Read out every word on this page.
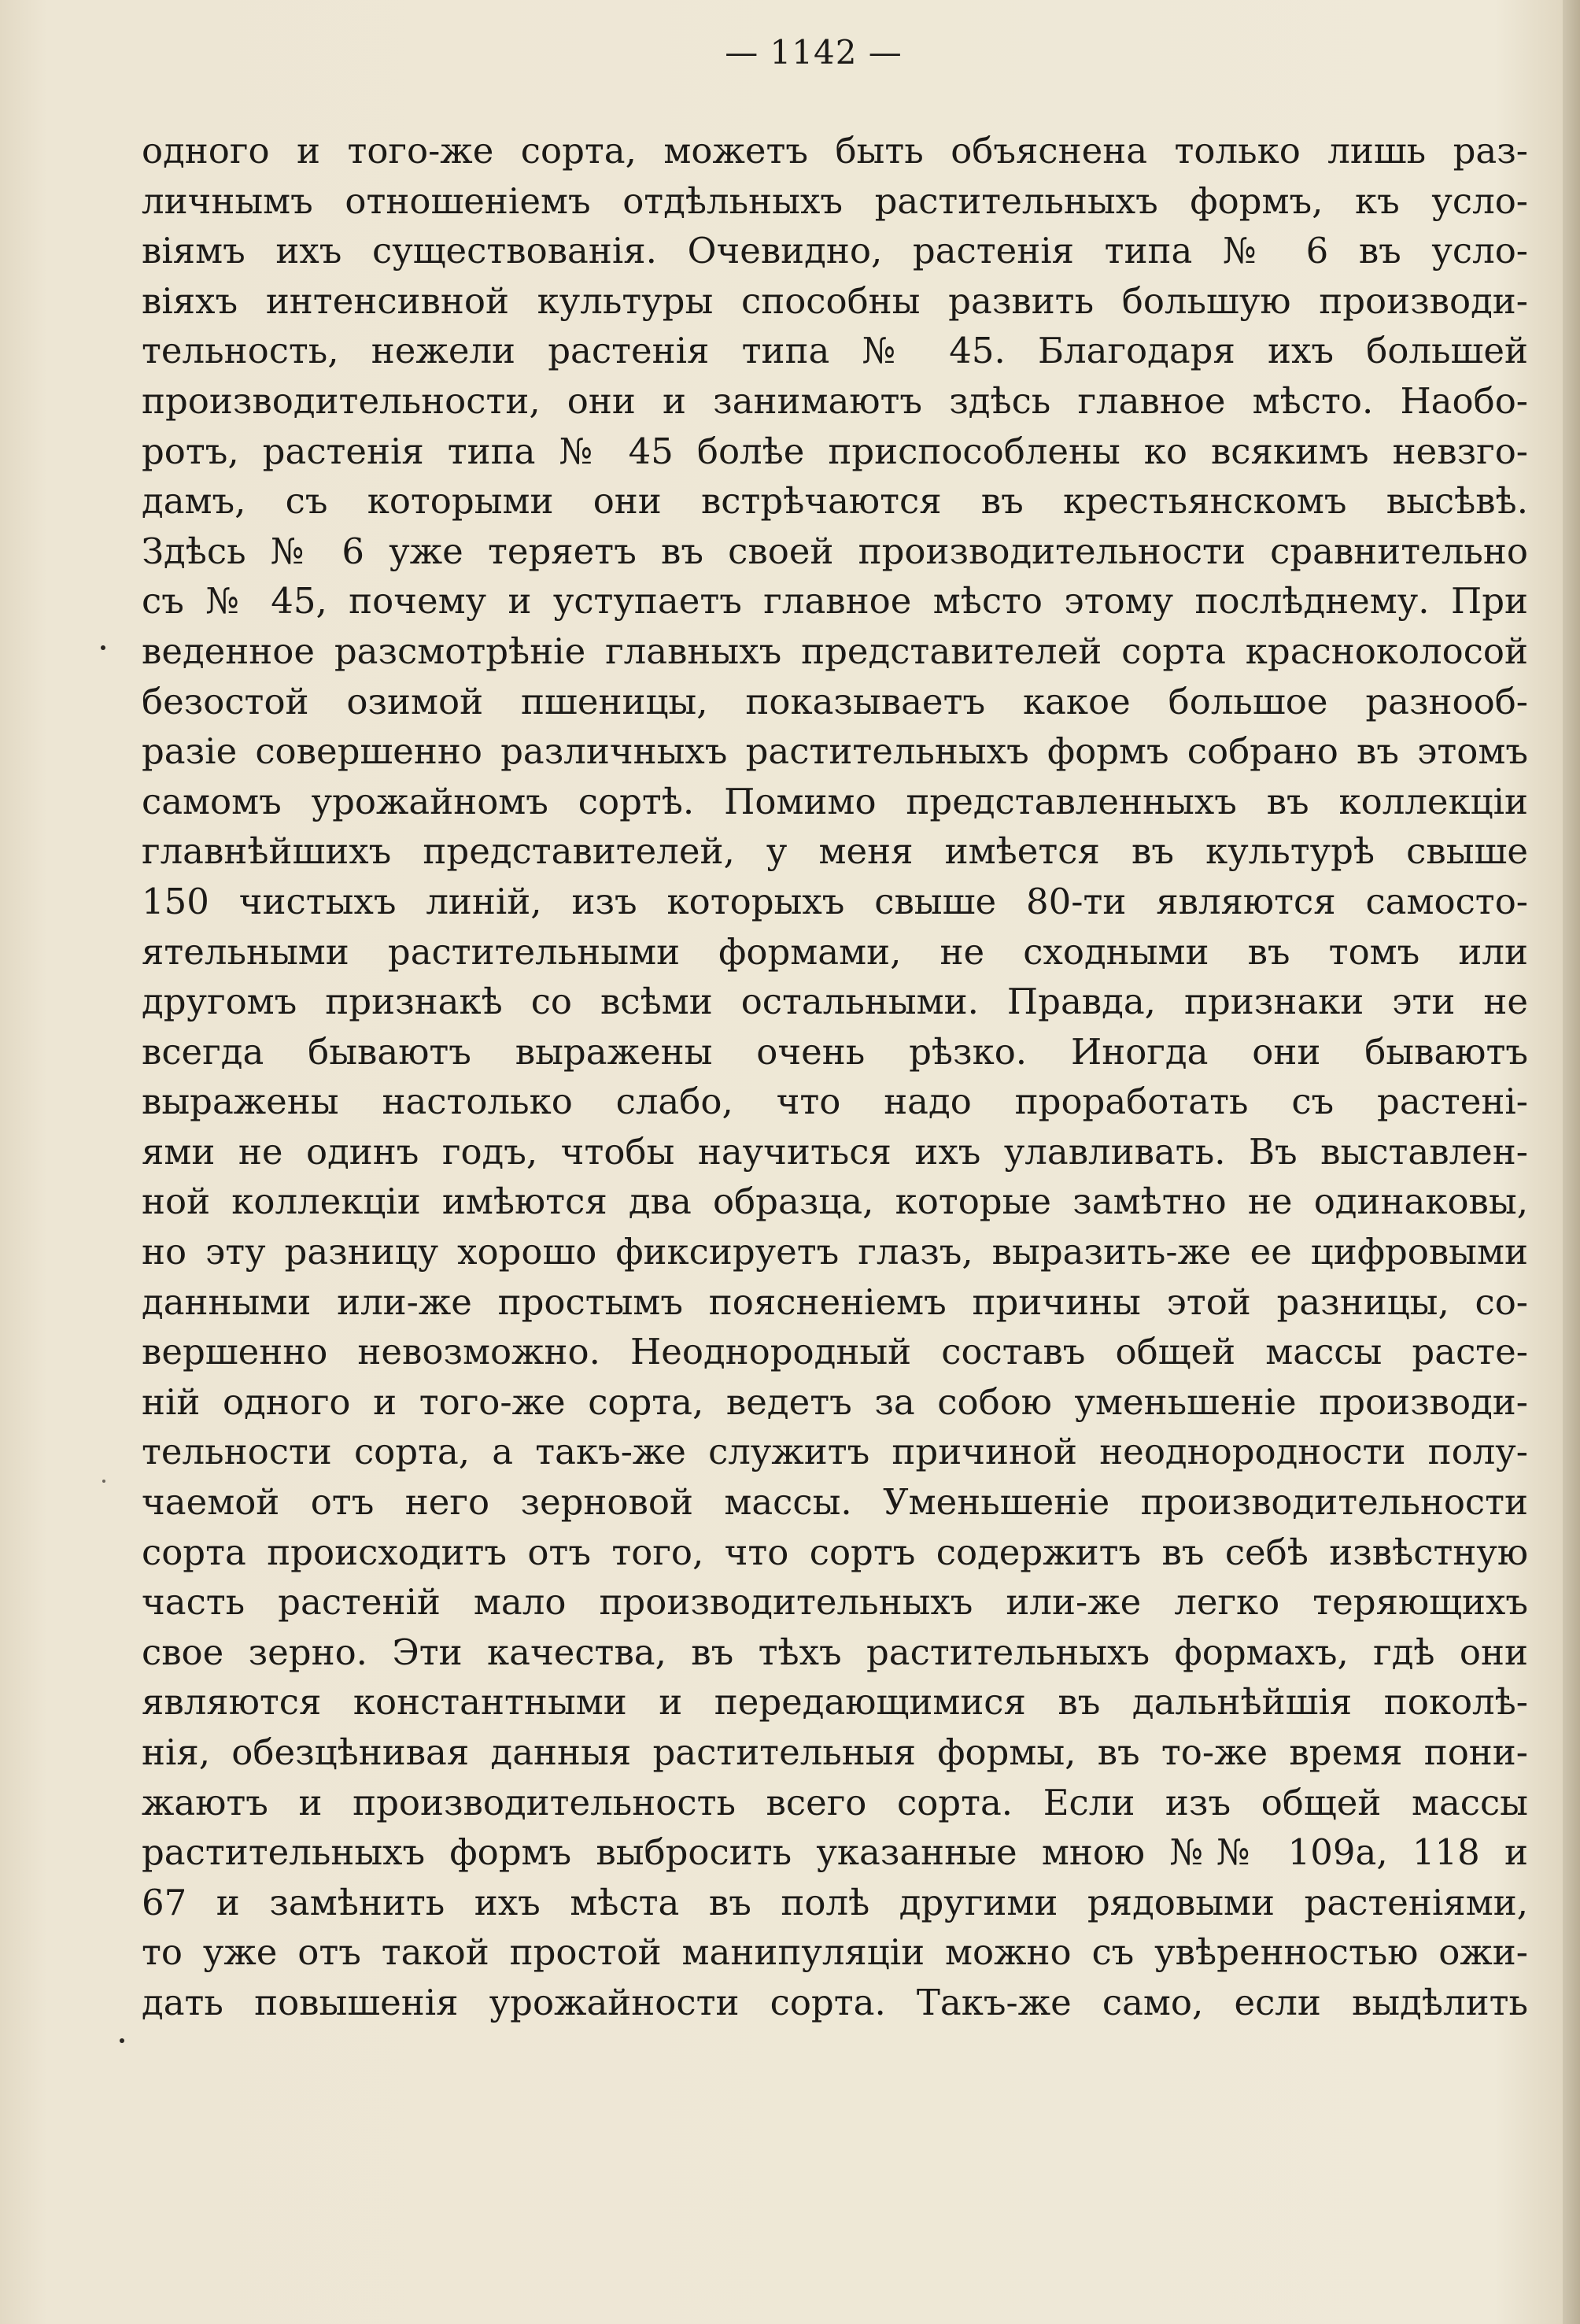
— 1142 —
одного и того-же сорта, можетъ быть объяснена только лишь раз-
личнымъ отношеніемъ отдѣльныхъ растительныхъ формъ, къ усло-
віямъ ихъ существованія. Очевидно, растенія типа № 6 въ усло-
віяхъ интенсивной культуры способны развить большую производи-
тельность, нежели растенія типа № 45. Благодаря ихъ большей
производительности, они и занимаютъ здѣсь главное мѣсто. Наобо-
ротъ, растенія типа № 45 болѣе приспособлены ко всякимъ невзго-
дамъ, съ которыми они встрѣчаются въ крестьянскомъ высѣвѣ.
Здѣсь № 6 уже теряетъ въ своей производительности сравнительно
съ № 45, почему и уступаетъ главное мѣсто этому послѣднему. При
веденное разсмотрѣніе главныхъ представителей сорта красноколосой
безостой озимой пшеницы, показываетъ какое большое разнооб-
разіе совершенно различныхъ растительныхъ формъ собрано въ этомъ
самомъ урожайномъ сортѣ. Помимо представленныхъ въ коллекціи
главнѣйшихъ представителей, у меня имѣется въ культурѣ свыше
150 чистыхъ линій, изъ которыхъ свыше 80-ти являются самосто-
ятельными растительными формами, не сходными въ томъ или
другомъ признакѣ со всѣми остальными. Правда, признаки эти не
всегда бываютъ выражены очень рѣзко. Иногда они бываютъ
выражены настолько слабо, что надо проработать съ растені-
ями не одинъ годъ, чтобы научиться ихъ улавливать. Въ выставлен-
ной коллекціи имѣются два образца, которые замѣтно не одинаковы,
но эту разницу хорошо фиксируетъ глазъ, выразить-же ее цифровыми
данными или-же простымъ поясненіемъ причины этой разницы, со-
вершенно невозможно. Неоднородный составъ общей массы расте-
ній одного и того-же сорта, ведетъ за собою уменьшеніе производи-
тельности сорта, а такъ-же служитъ причиной неоднородности полу-
чаемой отъ него зерновой массы. Уменьшеніе производительности
сорта происходитъ отъ того, что сортъ содержитъ въ себѣ извѣстную
часть растеній мало производительныхъ или-же легко теряющихъ
свое зерно. Эти качества, въ тѣхъ растительныхъ формахъ, гдѣ они
являются константными и передающимися въ дальнѣйшія поколѣ-
нія, обезцѣнивая данныя растительныя формы, въ то-же время пони-
жаютъ и производительность всего сорта. Если изъ общей массы
растительныхъ формъ выбросить указанные мною №№ 109а, 118 и
67 и замѣнить ихъ мѣста въ полѣ другими рядовыми растеніями,
то уже отъ такой простой манипуляціи можно съ увѣренностью ожи-
дать повышенія урожайности сорта. Такъ-же само, если выдѣлить
